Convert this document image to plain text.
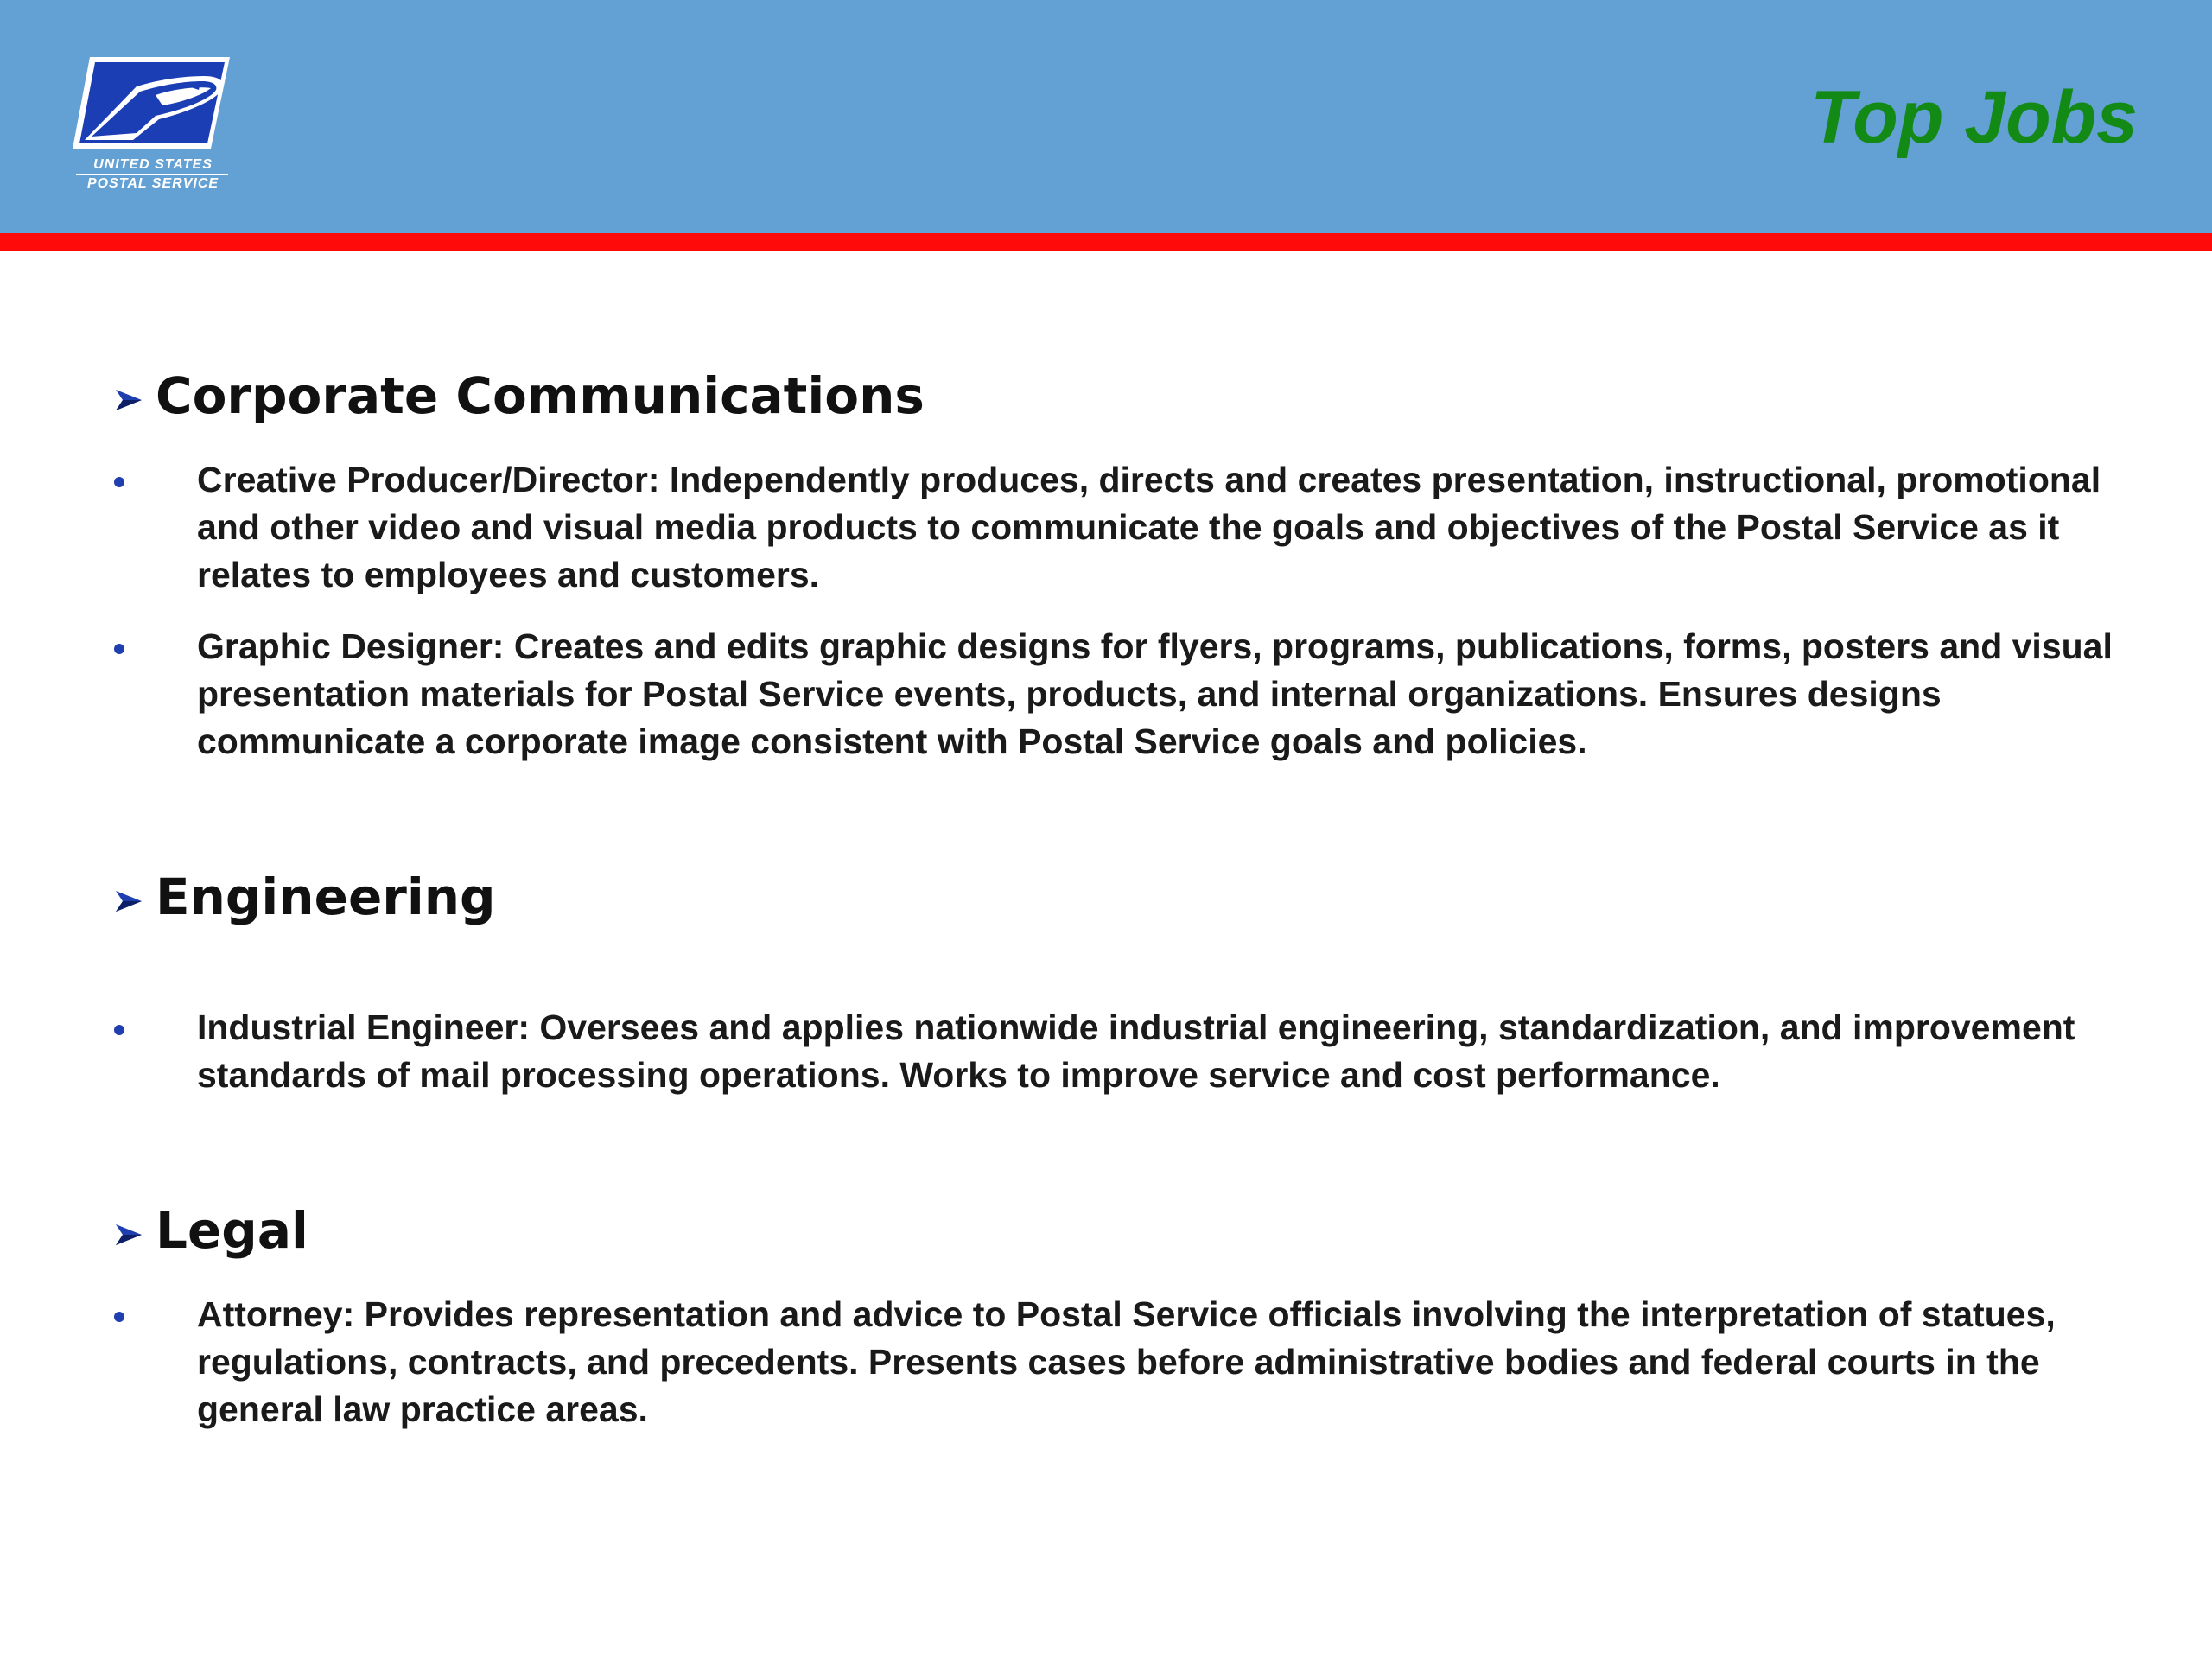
UNITED STATES
POSTAL SERVICE
Top Jobs
Corporate Communications
Creative Producer/Director: Independently produces, directs and creates presentation, instructional, promotional and other video and visual media products to communicate the goals and objectives of the Postal Service as it relates to employees and customers.
Graphic Designer: Creates and edits graphic designs for flyers, programs, publications, forms, posters and visual presentation materials for Postal Service events, products, and internal organizations. Ensures designs communicate a corporate image consistent with Postal Service goals and policies.
Engineering
Industrial Engineer: Oversees and applies nationwide industrial engineering, standardization, and improvement standards of mail processing operations. Works to improve service and cost performance.
Legal
Attorney: Provides representation and advice to Postal Service officials involving the interpretation of statues, regulations, contracts, and precedents. Presents cases before administrative bodies and federal courts in the general law practice areas.
